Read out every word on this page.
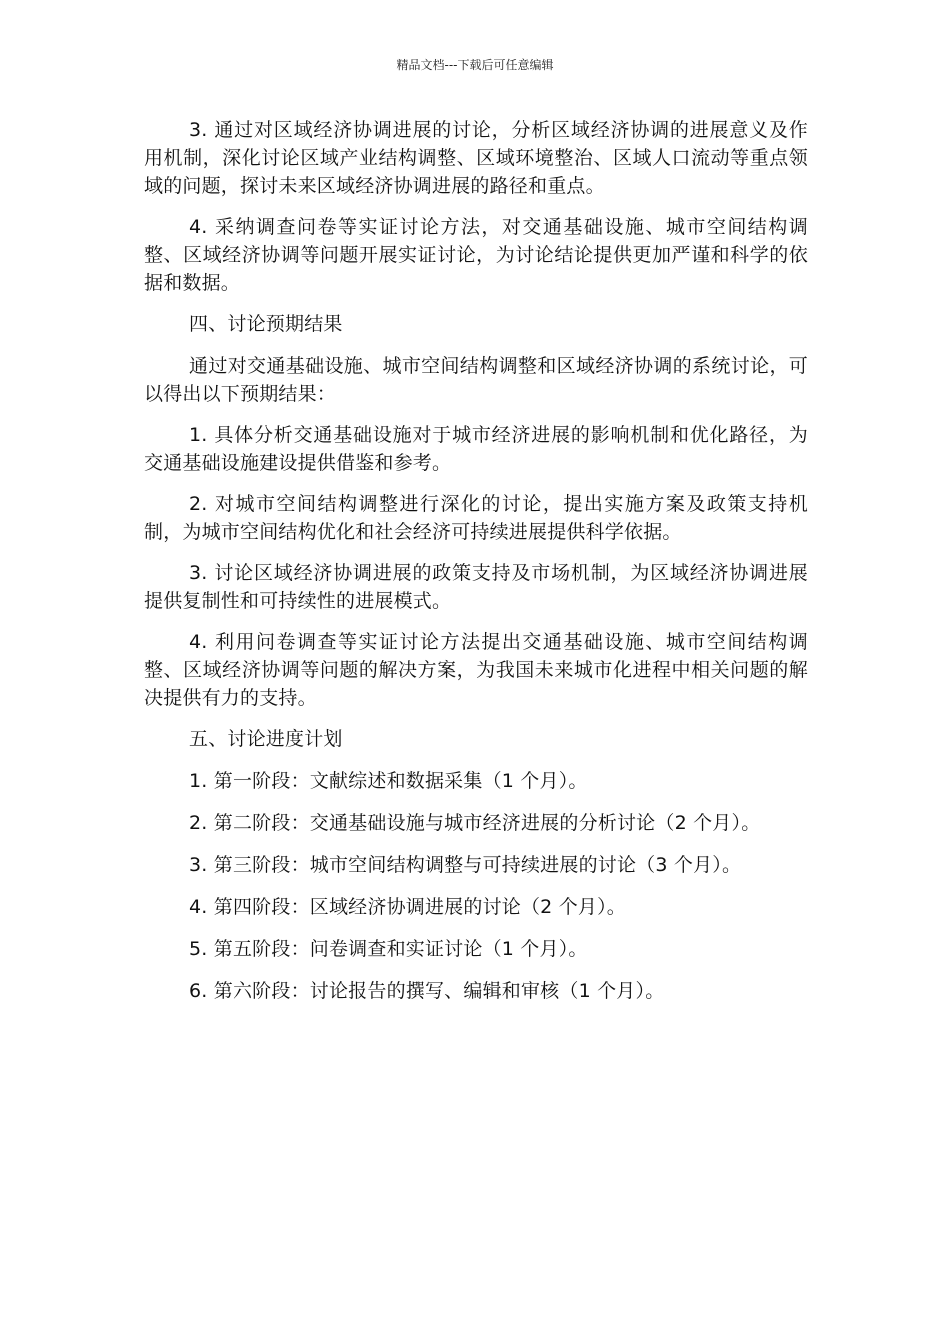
精品文档---下载后可任意编辑

3. 通过对区域经济协调进展的讨论，分析区域经济协调的进展意义及作用机制，深化讨论区域产业结构调整、区域环境整治、区域人口流动等重点领域的问题，探讨未来区域经济协调进展的路径和重点。

4. 采纳调查问卷等实证讨论方法，对交通基础设施、城市空间结构调整、区域经济协调等问题开展实证讨论，为讨论结论提供更加严谨和科学的依据和数据。

四、讨论预期结果

通过对交通基础设施、城市空间结构调整和区域经济协调的系统讨论，可以得出以下预期结果：

1. 具体分析交通基础设施对于城市经济进展的影响机制和优化路径，为交通基础设施建设提供借鉴和参考。

2. 对城市空间结构调整进行深化的讨论，提出实施方案及政策支持机制，为城市空间结构优化和社会经济可持续进展提供科学依据。

3. 讨论区域经济协调进展的政策支持及市场机制，为区域经济协调进展提供复制性和可持续性的进展模式。

4. 利用问卷调查等实证讨论方法提出交通基础设施、城市空间结构调整、区域经济协调等问题的解决方案，为我国未来城市化进程中相关问题的解决提供有力的支持。

五、讨论进度计划

1. 第一阶段：文献综述和数据采集（1 个月）。

2. 第二阶段：交通基础设施与城市经济进展的分析讨论（2 个月）。

3. 第三阶段：城市空间结构调整与可持续进展的讨论（3 个月）。

4. 第四阶段：区域经济协调进展的讨论（2 个月）。

5. 第五阶段：问卷调查和实证讨论（1 个月）。

6. 第六阶段：讨论报告的撰写、编辑和审核（1 个月）。
